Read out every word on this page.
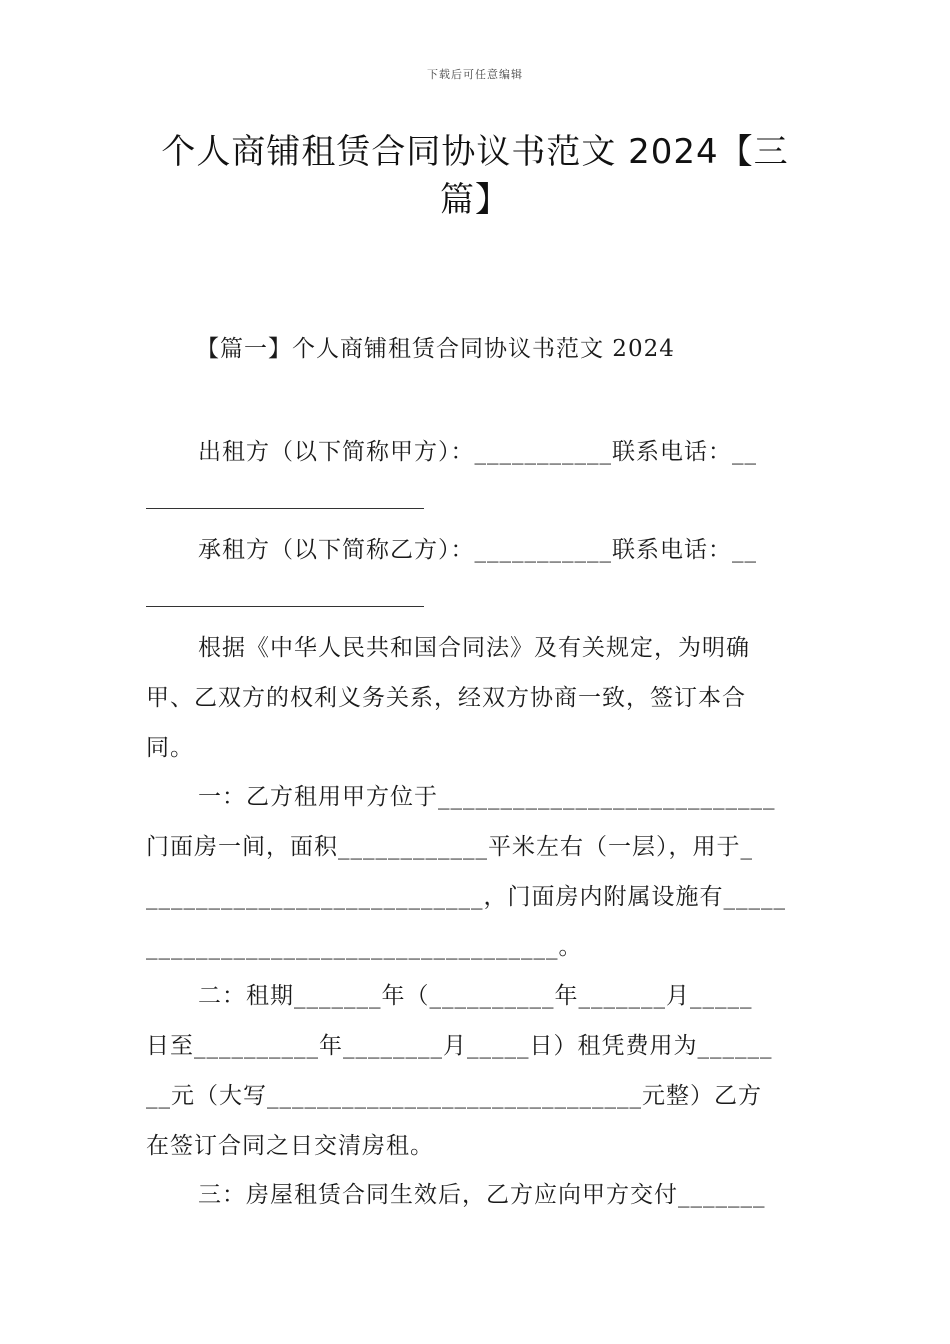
下载后可任意编辑
个人商铺租赁合同协议书范文 2024【三
篇】
【篇一】个人商铺租赁合同协议书范文 2024
出租方（以下简称甲方）：___________联系电话：__
承租方（以下简称乙方）：___________联系电话：__
根据《中华人民共和国合同法》及有关规定，为明确
甲、乙双方的权利义务关系，经双方协商一致，签订本合
同。
一：乙方租用甲方位于___________________________
门面房一间，面积____________平米左右（一层），用于_
___________________________，门面房内附属设施有_____
_________________________________。
二：租期_______年（__________年_______月_____
日至__________年________月_____日）租凭费用为______
__元（大写______________________________元整）乙方
在签订合同之日交清房租。
三：房屋租赁合同生效后，乙方应向甲方交付_______
